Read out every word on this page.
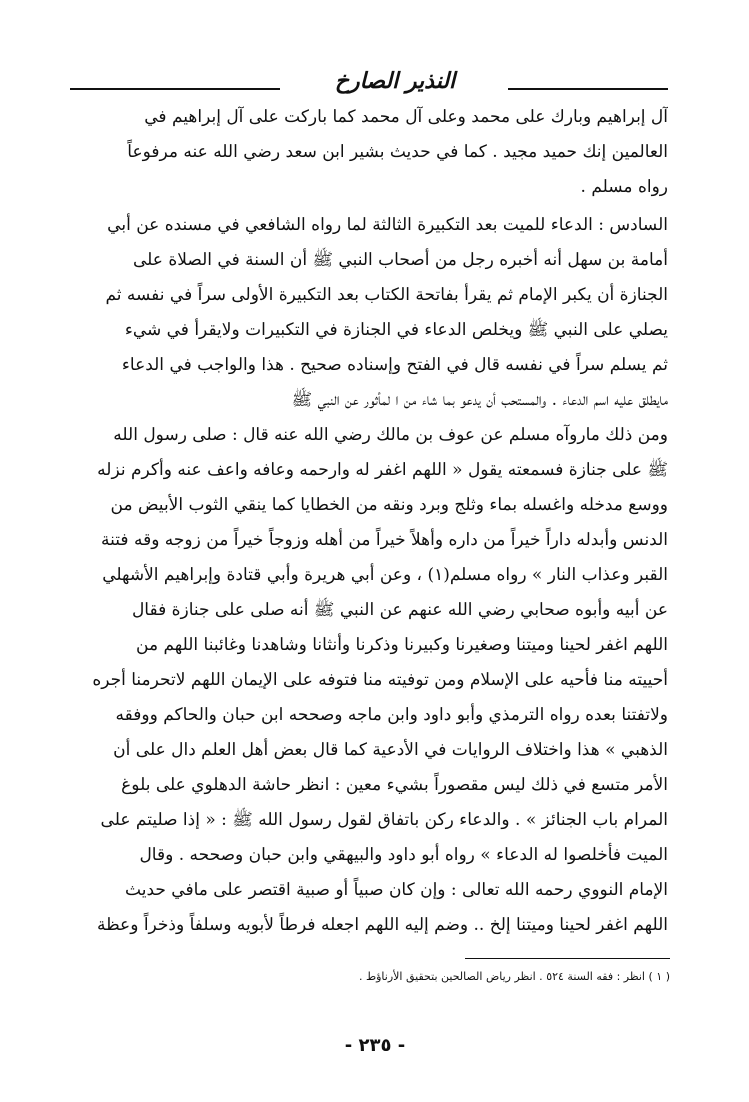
النذير الصارخ
آل إبراهيم وبارك على محمد وعلى آل محمد كما باركت على آل إبراهيم في
العالمين إنك حميد مجيد . كما في حديث بشير ابن سعد رضي الله عنه مرفوعاً
رواه مسلم .
السادس : الدعاء للميت بعد التكبيرة الثالثة لما رواه الشافعي في مسنده عن أبي
أمامة بن سهل أنه أخبره رجل من أصحاب النبي ﷺ أن السنة في الصلاة على
الجنازة أن يكبر الإمام ثم يقرأ بفاتحة الكتاب بعد التكبيرة الأولى سراً في نفسه ثم
يصلي على النبي ﷺ ويخلص الدعاء في الجنازة في التكبيرات ولايقرأ في شيء
ثم يسلم سراً في نفسه قال في الفتح وإسناده صحيح . هذا والواجب في الدعاء
مايطلق عليه اسم الدعاء . والمستحب أن يدعو بما شاء من ا لمأثور عن النبي ﷺ
ومن ذلك ماروآه مسلم عن عوف بن مالك رضي الله عنه قال : صلى رسول الله
ﷺ على جنازة فسمعته يقول « اللهم اغفر له وارحمه وعافه واعف عنه وأكرم نزله
ووسع مدخله واغسله بماء وثلج وبرد ونقه من الخطايا كما ينقي الثوب الأبيض من
الدنس وأبدله داراً خيراً من داره وأهلاً خيراً من أهله وزوجاً خيراً من زوجه وقه فتنة
القبر وعذاب النار » رواه مسلم(١) ، وعن أبي هريرة وأبي قتادة وإبراهيم الأشهلي
عن أبيه وأبوه صحابي رضي الله عنهم عن النبي ﷺ أنه صلى على جنازة فقال
اللهم اغفر لحينا وميتنا وصغيرنا وكبيرنا وذكرنا وأنثانا وشاهدنا وغائبنا اللهم من
أحييته منا فأحيه على الإسلام ومن توفيته منا فتوفه على الإيمان اللهم لاتحرمنا أجره
ولاتفتنا بعده رواه الترمذي وأبو داود وابن ماجه وصححه ابن حبان والحاكم ووفقه
الذهبي » هذا واختلاف الروايات في الأدعية كما قال بعض أهل العلم دال على أن
الأمر متسع في ذلك ليس مقصوراً بشيء معين : انظر حاشة الدهلوي على بلوغ
المرام باب الجنائز » . والدعاء ركن باتفاق لقول رسول الله ﷺ : « إذا صليتم على
الميت فأخلصوا له الدعاء » رواه أبو داود والبيهقي وابن حبان وصححه . وقال
الإمام النووي رحمه الله تعالى : وإن كان صبياً أو صبية اقتصر على مافي حديث
اللهم اغفر لحينا وميتنا إلخ .. وضم إليه اللهم اجعله فرطاً لأبويه وسلفاً وذخراً وعظة
( ١ ) انظر : فقه السنة ٥٢٤ . انظر رياض الصالحين بتحقيق الأرناؤط .
- ٢٣٥ -
